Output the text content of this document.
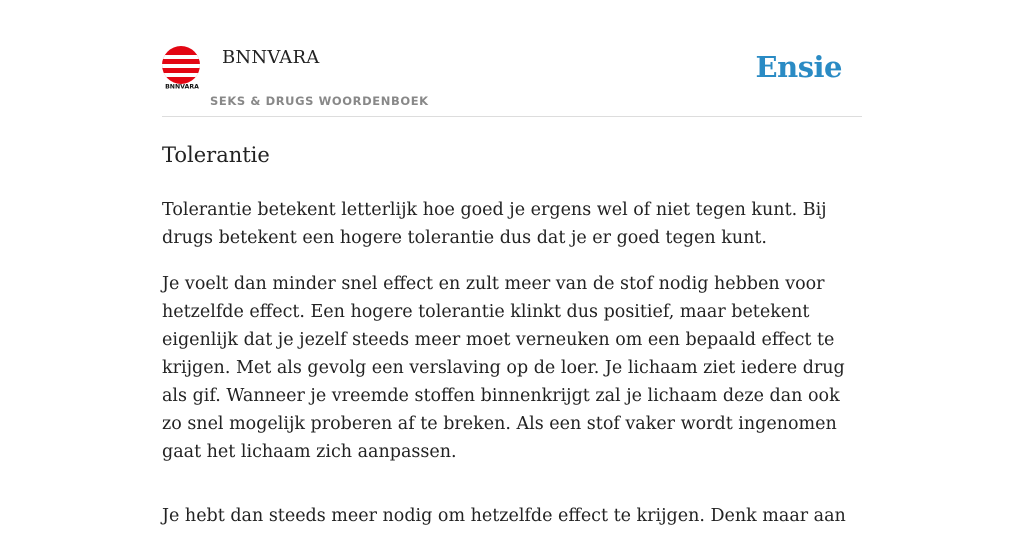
BNNVARA
BNNVARA
SEKS & DRUGS WOORDENBOEK
Ensie
Tolerantie

Tolerantie betekent letterlijk hoe goed je ergens wel of niet tegen kunt. Bij drugs betekent een hogere tolerantie dus dat je er goed tegen kunt.

Je voelt dan minder snel effect en zult meer van de stof nodig hebben voor hetzelfde effect. Een hogere tolerantie klinkt dus positief, maar betekent eigenlijk dat je jezelf steeds meer moet verneuken om een bepaald effect te krijgen. Met als gevolg een verslaving op de loer. Je lichaam ziet iedere drug als gif. Wanneer je vreemde stoffen binnenkrijgt zal je lichaam deze dan ook zo snel mogelijk proberen af te breken. Als een stof vaker wordt ingenomen gaat het lichaam zich aanpassen.

Je hebt dan steeds meer nodig om hetzelfde effect te krijgen. Denk maar aan
